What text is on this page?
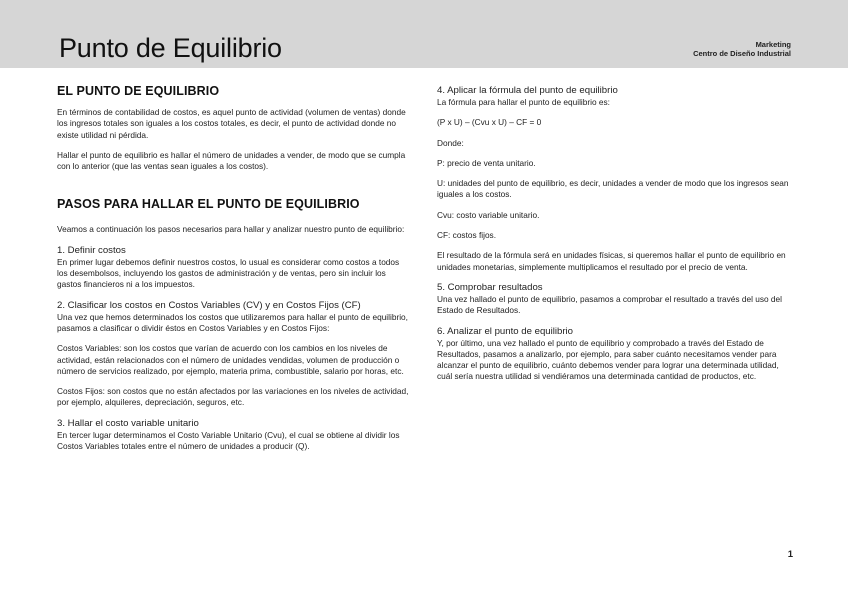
Punto de Equilibrio	Marketing
Centro de Diseño Industrial
EL PUNTO DE EQUILIBRIO

En términos de contabilidad de costos, es aquel punto de actividad (volumen de ventas) donde los ingresos totales son iguales a los costos totales, es decir, el punto de actividad donde no existe utilidad ni pérdida.

Hallar el punto de equilibrio es hallar el número de unidades a vender, de modo que se cumpla con lo anterior (que las ventas sean iguales a los costos).

PASOS PARA HALLAR EL PUNTO DE EQUILIBRIO

Veamos a continuación los pasos necesarios para hallar y analizar nuestro punto de equilibrio:

1. Definir costos
En primer lugar debemos definir nuestros costos, lo usual es considerar como costos a todos los desembolsos, incluyendo los gastos de administración y de ventas, pero sin incluir los gastos financieros ni a los impuestos.

2. Clasificar los costos en Costos Variables (CV) y en Costos Fijos (CF)
Una vez que hemos determinados los costos que utilizaremos para hallar el punto de equilibrio, pasamos a clasificar o dividir éstos en Costos Variables y en Costos Fijos:

Costos Variables: son los costos que varían de acuerdo con los cambios en los niveles de actividad, están relacionados con el número de unidades vendidas, volumen de producción o número de servicios realizado, por ejemplo, materia prima, combustible, salario por horas, etc.

Costos Fijos: son costos que no están afectados por las variaciones en los niveles de actividad, por ejemplo, alquileres, depreciación, seguros, etc.

3. Hallar el costo variable unitario
En tercer lugar determinamos el Costo Variable Unitario (Cvu), el cual se obtiene al dividir los Costos Variables totales entre el número de unidades a producir (Q).

4. Aplicar la fórmula del punto de equilibrio
La fórmula para hallar el punto de equilibrio es:

(P x U) – (Cvu x U) – CF = 0

Donde:

P: precio de venta unitario.

U: unidades del punto de equilibrio, es decir, unidades a vender de modo que los ingresos sean iguales a los costos.

Cvu: costo variable unitario.

CF: costos fijos.

El resultado de la fórmula será en unidades físicas, si queremos hallar el punto de equilibrio en unidades monetarias, simplemente multiplicamos el resultado por el precio de venta.

5. Comprobar resultados
Una vez hallado el punto de equilibrio, pasamos a comprobar el resultado a través del uso del Estado de Resultados.

6. Analizar el punto de equilibrio
Y, por último, una vez hallado el punto de equilibrio y comprobado a través del Estado de Resultados, pasamos a analizarlo, por ejemplo, para saber cuánto necesitamos vender para alcanzar el punto de equilibrio, cuánto debemos vender para lograr una determinada utilidad, cuál sería nuestra utilidad si vendiéramos una determinada cantidad de productos, etc.

1
